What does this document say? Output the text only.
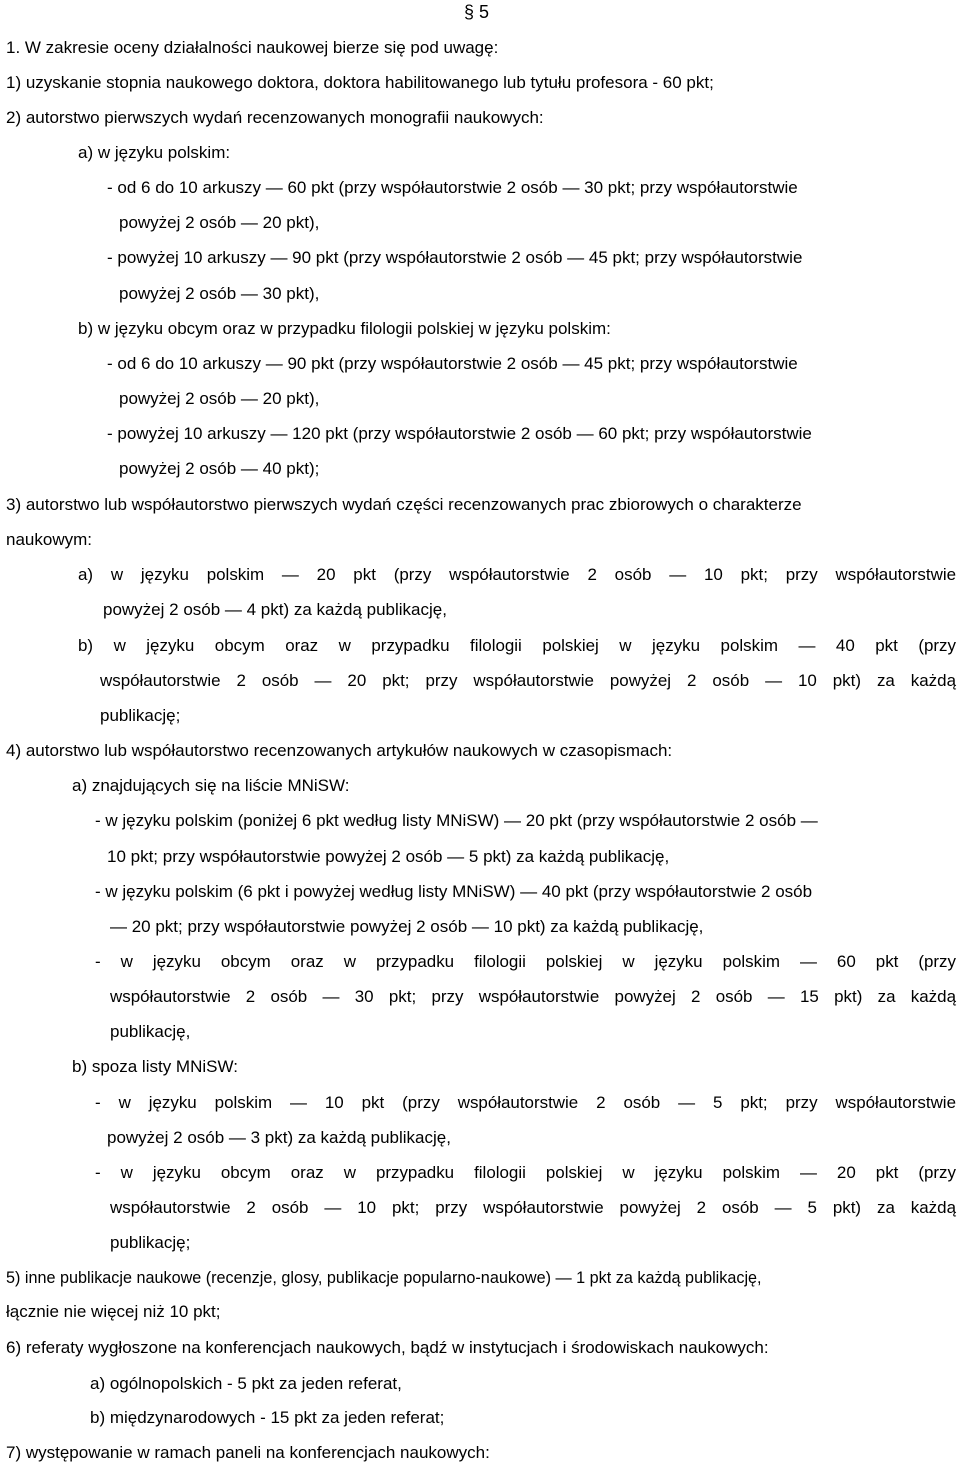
§ 5
1. W zakresie oceny działalności naukowej bierze się pod uwagę:
1) uzyskanie stopnia naukowego doktora, doktora habilitowanego lub tytułu profesora - 60 pkt;
2) autorstwo pierwszych wydań recenzowanych monografii naukowych:
a) w języku polskim:
- od 6 do 10 arkuszy — 60 pkt (przy współautorstwie 2 osób — 30 pkt; przy współautorstwie
powyżej 2 osób — 20 pkt),
- powyżej 10 arkuszy — 90 pkt (przy współautorstwie 2 osób — 45 pkt; przy współautorstwie
powyżej 2 osób — 30 pkt),
b) w języku obcym oraz w przypadku filologii polskiej w języku polskim:
- od 6 do 10 arkuszy — 90 pkt (przy współautorstwie 2 osób — 45 pkt; przy współautorstwie
powyżej 2 osób — 20 pkt),
- powyżej 10 arkuszy — 120 pkt (przy współautorstwie 2 osób — 60 pkt; przy współautorstwie
powyżej 2 osób — 40 pkt);
3) autorstwo lub współautorstwo pierwszych wydań części recenzowanych prac zbiorowych o charakterze
naukowym:
a) w języku polskim — 20 pkt (przy współautorstwie 2 osób — 10 pkt; przy współautorstwie
powyżej 2 osób — 4 pkt) za każdą publikację,
b) w języku obcym oraz w przypadku filologii polskiej w języku polskim — 40 pkt (przy
współautorstwie 2 osób — 20 pkt; przy współautorstwie powyżej 2 osób — 10 pkt) za każdą
publikację;
4) autorstwo lub współautorstwo recenzowanych artykułów naukowych w czasopismach:
a) znajdujących się na liście MNiSW:
- w języku polskim (poniżej 6 pkt według listy MNiSW) — 20 pkt (przy współautorstwie 2 osób —
10 pkt; przy współautorstwie powyżej 2 osób — 5 pkt) za każdą publikację,
- w języku polskim (6 pkt i powyżej według listy MNiSW) — 40 pkt (przy współautorstwie 2 osób
— 20 pkt; przy współautorstwie powyżej 2 osób — 10 pkt) za każdą publikację,
- w języku obcym oraz w przypadku filologii polskiej w języku polskim — 60 pkt (przy
współautorstwie 2 osób — 30 pkt; przy współautorstwie powyżej 2 osób — 15 pkt) za każdą
publikację,
b) spoza listy MNiSW:
- w języku polskim — 10 pkt (przy współautorstwie 2 osób — 5 pkt; przy współautorstwie
powyżej 2 osób — 3 pkt) za każdą publikację,
- w języku obcym oraz w przypadku filologii polskiej w języku polskim — 20 pkt (przy
współautorstwie 2 osób — 10 pkt; przy współautorstwie powyżej 2 osób — 5 pkt) za każdą
publikację;
5) inne publikacje naukowe (recenzje, glosy, publikacje popularno-naukowe) — 1 pkt za każdą publikację,
łącznie nie więcej niż 10 pkt;
6) referaty wygłoszone na konferencjach naukowych, bądź w instytucjach i środowiskach naukowych:
a) ogólnopolskich - 5 pkt za jeden referat,
b) międzynarodowych - 15 pkt za jeden referat;
7) występowanie w ramach paneli na konferencjach naukowych:
